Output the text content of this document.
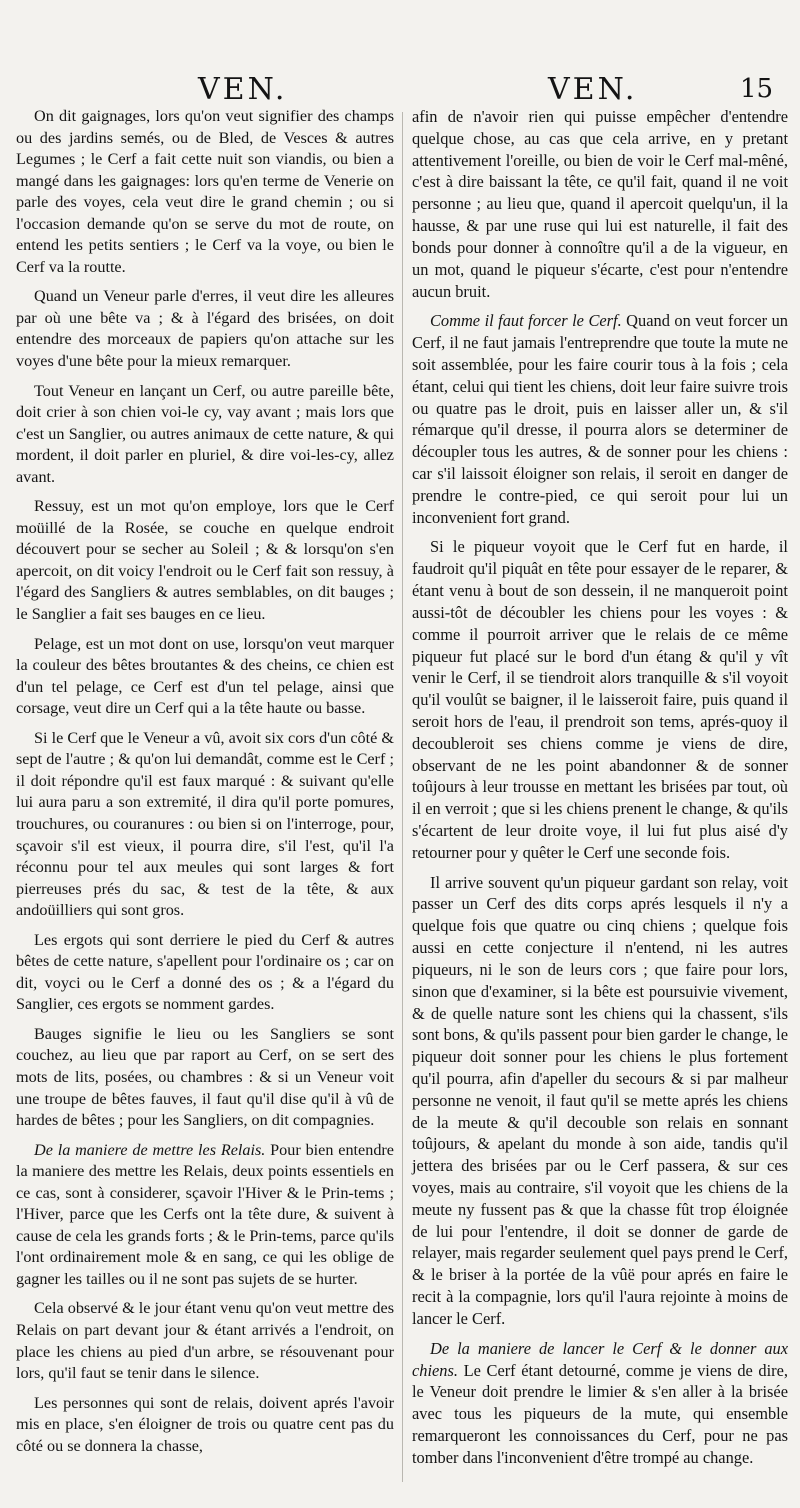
VEN.	VEN.	15

On dit gaignages, lors qu'on veut signifier des champs ou des jardins semés, ou de Bled, de Vesces & autres Legumes ; le Cerf a fait cette nuit son viandis, ou bien a mangé dans les gaignages: lors qu'en terme de Venerie on parle des voyes, cela veut dire le grand chemin ; ou si l'occasion demande qu'on se serve du mot de route, on entend les petits sentiers ; le Cerf va la voye, ou bien le Cerf va la routte.

Quand un Veneur parle d'erres, il veut dire les alleures par où une bête va ; & à l'égard des brisées, on doit entendre des morceaux de papiers qu'on attache sur les voyes d'une bête pour la mieux remarquer.

Tout Veneur en lançant un Cerf, ou autre pareille bête, doit crier à son chien voi-le cy, vay avant ; mais lors que c'est un Sanglier, ou autres animaux de cette nature, & qui mordent, il doit parler en pluriel, & dire voi-les-cy, allez avant.

Ressuy, est un mot qu'on employe, lors que le Cerf moüillé de la Rosée, se couche en quelque endroit découvert pour se secher au Soleil ; & & lorsqu'on s'en apercoit, on dit voicy l'endroit ou le Cerf fait son ressuy, à l'égard des Sangliers & autres semblables, on dit bauges ; le Sanglier a fait ses bauges en ce lieu.

Pelage, est un mot dont on use, lorsqu'on veut marquer la couleur des bêtes broutantes & des cheins, ce chien est d'un tel pelage, ce Cerf est d'un tel pelage, ainsi que corsage, veut dire un Cerf qui a la tête haute ou basse.

Si le Cerf que le Veneur a vû, avoit six cors d'un côté & sept de l'autre ; & qu'on lui demandât, comme est le Cerf ; il doit répondre qu'il est faux marqué : & suivant qu'elle lui aura paru a son extremité, il dira qu'il porte pomures, trouchures, ou couranures : ou bien si on l'interroge, pour, sçavoir s'il est vieux, il pourra dire, s'il l'est, qu'il l'a réconnu pour tel aux meules qui sont larges & fort pierreuses prés du sac, & test de la tête, & aux andoüilliers qui sont gros.

Les ergots qui sont derriere le pied du Cerf & autres bêtes de cette nature, s'apellent pour l'ordinaire os ; car on dit, voyci ou le Cerf a donné des os ; & a l'égard du Sanglier, ces ergots se nomment gardes.

Bauges signifie le lieu ou les Sangliers se sont couchez, au lieu que par raport au Cerf, on se sert des mots de lits, posées, ou chambres : & si un Veneur voit une troupe de bêtes fauves, il faut qu'il dise qu'il à vû de hardes de bêtes ; pour les Sangliers, on dit compagnies.

De la maniere de mettre les Relais. Pour bien entendre la maniere des mettre les Relais, deux points essentiels en ce cas, sont à considerer, sçavoir l'Hiver & le Prin-tems ; l'Hiver, parce que les Cerfs ont la tête dure, & suivent à cause de cela les grands forts ; & le Prin-tems, parce qu'ils l'ont ordinairement mole & en sang, ce qui les oblige de gagner les tailles ou il ne sont pas sujets de se hurter.

Cela observé & le jour étant venu qu'on veut mettre des Relais on part devant jour & étant arrivés a l'endroit, on place les chiens au pied d'un arbre, se résouvenant pour lors, qu'il faut se tenir dans le silence.

Les personnes qui sont de relais, doivent aprés l'avoir mis en place, s'en éloigner de trois ou quatre cent pas du côté ou se donnera la chasse,

afin de n'avoir rien qui puisse empêcher d'entendre quelque chose, au cas que cela arrive, en y pretant attentivement l'oreille, ou bien de voir le Cerf mal-mêné, c'est à dire baissant la tête, ce qu'il fait, quand il ne voit personne ; au lieu que, quand il apercoit quelqu'un, il la hausse, & par une ruse qui lui est naturelle, il fait des bonds pour donner à connoître qu'il a de la vigueur, en un mot, quand le piqueur s'écarte, c'est pour n'entendre aucun bruit.

Comme il faut forcer le Cerf. Quand on veut forcer un Cerf, il ne faut jamais l'entreprendre que toute la mute ne soit assemblée, pour les faire courir tous à la fois ; cela étant, celui qui tient les chiens, doit leur faire suivre trois ou quatre pas le droit, puis en laisser aller un, & s'il rémarque qu'il dresse, il pourra alors se determiner de découpler tous les autres, & de sonner pour les chiens : car s'il laissoit éloigner son relais, il seroit en danger de prendre le contre-pied, ce qui seroit pour lui un inconvenient fort grand.

Si le piqueur voyoit que le Cerf fut en harde, il faudroit qu'il piquât en tête pour essayer de le reparer, & étant venu à bout de son dessein, il ne manqueroit point aussi-tôt de découbler les chiens pour les voyes : & comme il pourroit arriver que le relais de ce même piqueur fut placé sur le bord d'un étang & qu'il y vît venir le Cerf, il se tiendroit alors tranquille & s'il voyoit qu'il voulût se baigner, il le laisseroit faire, puis quand il seroit hors de l'eau, il prendroit son tems, aprés-quoy il decoubleroit ses chiens comme je viens de dire, observant de ne les point abandonner & de sonner toûjours à leur trousse en mettant les brisées par tout, où il en verroit ; que si les chiens prenent le change, & qu'ils s'écartent de leur droite voye, il lui fut plus aisé d'y retourner pour y quêter le Cerf une seconde fois.

Il arrive souvent qu'un piqueur gardant son relay, voit passer un Cerf des dits corps aprés lesquels il n'y a quelque fois que quatre ou cinq chiens ; quelque fois aussi en cette conjecture il n'entend, ni les autres piqueurs, ni le son de leurs cors ; que faire pour lors, sinon que d'examiner, si la bête est poursuivie vivement, & de quelle nature sont les chiens qui la chassent, s'ils sont bons, & qu'ils passent pour bien garder le change, le piqueur doit sonner pour les chiens le plus fortement qu'il pourra, afin d'apeller du secours & si par malheur personne ne venoit, il faut qu'il se mette aprés les chiens de la meute & qu'il decouble son relais en sonnant toûjours, & apelant du monde à son aide, tandis qu'il jettera des brisées par ou le Cerf passera, & sur ces voyes, mais au contraire, s'il voyoit que les chiens de la meute ny fussent pas & que la chasse fût trop éloignée de lui pour l'entendre, il doit se donner de garde de relayer, mais regarder seulement quel pays prend le Cerf, & le briser à la portée de la vûë pour aprés en faire le recit à la compagnie, lors qu'il l'aura rejointe à moins de lancer le Cerf.

De la maniere de lancer le Cerf & le donner aux chiens. Le Cerf étant detourné, comme je viens de dire, le Veneur doit prendre le limier & s'en aller à la brisée avec tous les piqueurs de la mute, qui ensemble remarqueront les connoissances du Cerf, pour ne pas tomber dans l'inconvenient d'être trompé au change.
